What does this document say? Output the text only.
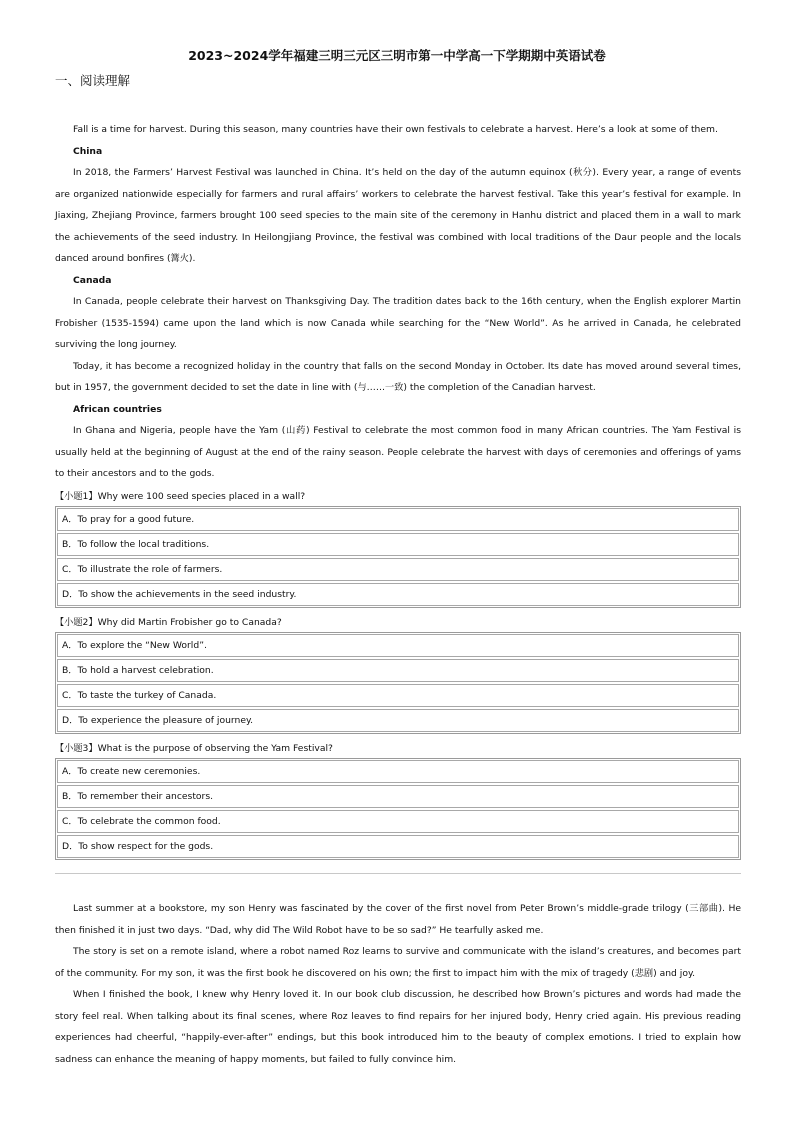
2023~2024学年福建三明三元区三明市第一中学高一下学期期中英语试卷
一、阅读理解

Fall is a time for harvest. During this season, many countries have their own festivals to celebrate a harvest. Here’s a look at some of them.

China

In 2018, the Farmers’ Harvest Festival was launched in China. It’s held on the day of the autumn equinox (秋分). Every year, a range of events are organized nationwide especially for farmers and rural affairs’ workers to celebrate the harvest festival. Take this year’s festival for example. In Jiaxing, Zhejiang Province, farmers brought 100 seed species to the main site of the ceremony in Hanhu district and placed them in a wall to mark the achievements of the seed industry. In Heilongjiang Province, the festival was combined with local traditions of the Daur people and the locals danced around bonfires (篝火).

Canada

In Canada, people celebrate their harvest on Thanksgiving Day. The tradition dates back to the 16th century, when the English explorer Martin Frobisher (1535-1594) came upon the land which is now Canada while searching for the “New World”. As he arrived in Canada, he celebrated surviving the long journey.

Today, it has become a recognized holiday in the country that falls on the second Monday in October. Its date has moved around several times, but in 1957, the government decided to set the date in line with (与……一致) the completion of the Canadian harvest.

African countries

In Ghana and Nigeria, people have the Yam (山药) Festival to celebrate the most common food in many African countries. The Yam Festival is usually held at the beginning of August at the end of the rainy season. People celebrate the harvest with days of ceremonies and offerings of yams to their ancestors and to the gods.

【小题1】Why were 100 seed species placed in a wall?
A．To pray for a good future.
B．To follow the local traditions.
C．To illustrate the role of farmers.
D．To show the achievements in the seed industry.
【小题2】Why did Martin Frobisher go to Canada?
A．To explore the “New World”.
B．To hold a harvest celebration.
C．To taste the turkey of Canada.
D．To experience the pleasure of journey.
【小题3】What is the purpose of observing the Yam Festival?
A．To create new ceremonies.
B．To remember their ancestors.
C．To celebrate the common food.
D．To show respect for the gods.

Last summer at a bookstore, my son Henry was fascinated by the cover of the first novel from Peter Brown’s middle-grade trilogy (三部曲). He then finished it in just two days. “Dad, why did The Wild Robot have to be so sad?” He tearfully asked me.

The story is set on a remote island, where a robot named Roz learns to survive and communicate with the island’s creatures, and becomes part of the community. For my son, it was the first book he discovered on his own; the first to impact him with the mix of tragedy (悲剧) and joy.

When I finished the book, I knew why Henry loved it. In our book club discussion, he described how Brown’s pictures and words had made the story feel real. When talking about its final scenes, where Roz leaves to find repairs for her injured body, Henry cried again. His previous reading experiences had cheerful, “happily-ever-after” endings, but this book introduced him to the beauty of complex emotions. I tried to explain how sadness can enhance the meaning of happy moments, but failed to fully convince him.
